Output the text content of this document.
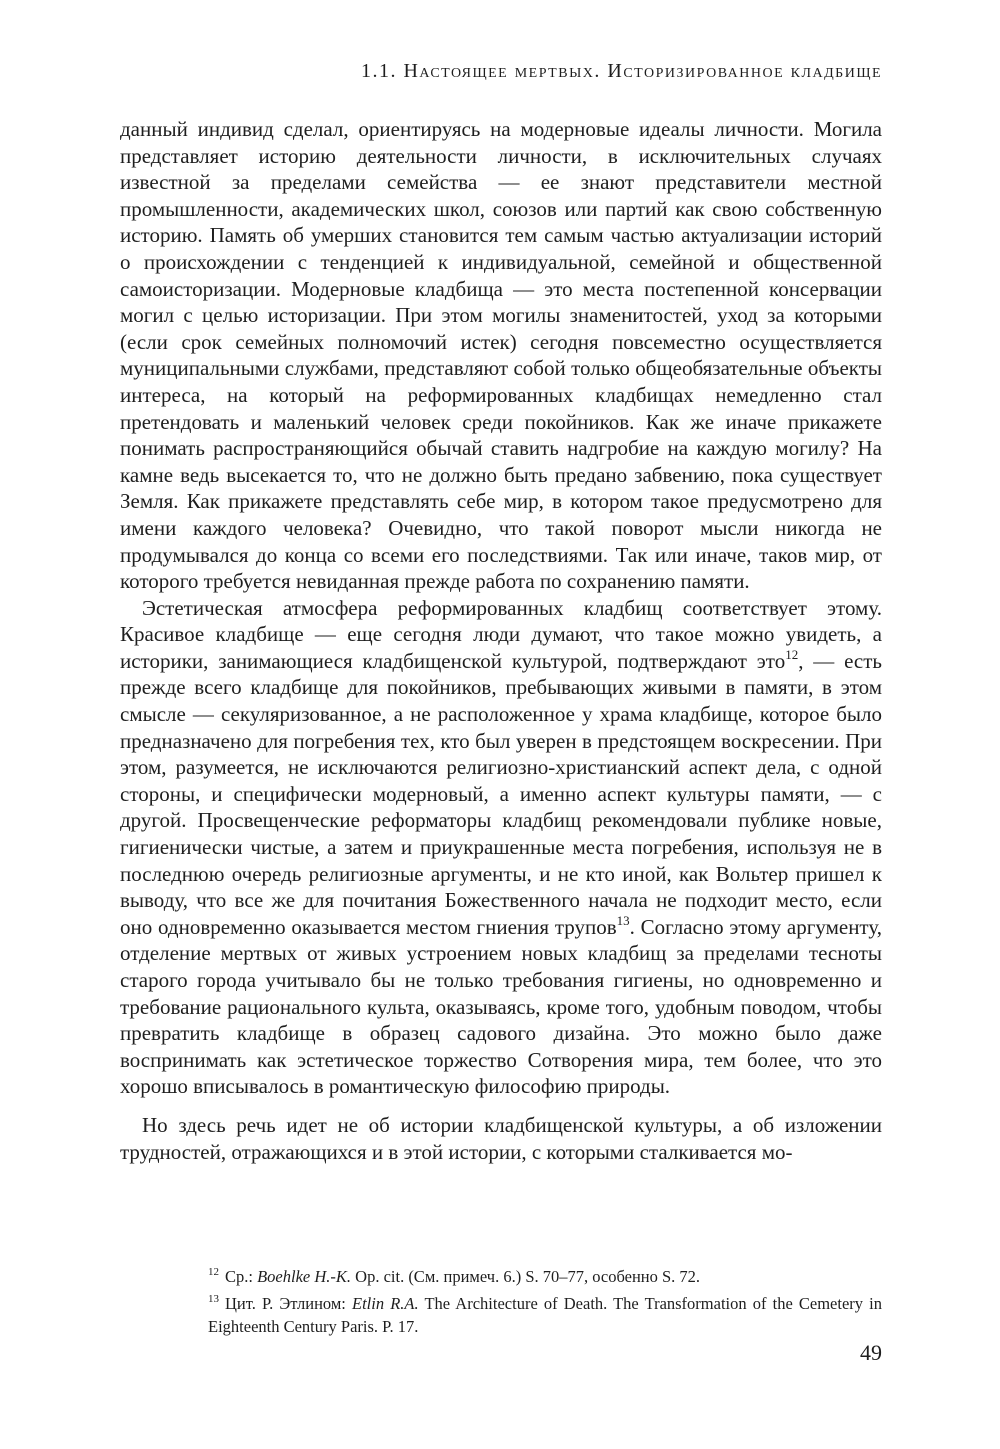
1.1. Настоящее мертвых. Историзированное кладбище

данный индивид сделал, ориентируясь на модерновые идеалы личности. Могила представляет историю деятельности личности, в исключительных случаях известной за пределами семейства — ее знают представители местной промышленности, академических школ, союзов или партий как свою собственную историю. Память об умерших становится тем самым частью актуализации историй о происхождении с тенденцией к индивидуальной, семейной и общественной самоисторизации. Модерновые кладбища — это места постепенной консервации могил с целью историзации. При этом могилы знаменитостей, уход за которыми (если срок семейных полномочий истек) сегодня повсеместно осуществляется муниципальными службами, представляют собой только общеобязательные объекты интереса, на который на реформированных кладбищах немедленно стал претендовать и маленький человек среди покойников. Как же иначе прикажете понимать распространяющийся обычай ставить надгробие на каждую могилу? На камне ведь высекается то, что не должно быть предано забвению, пока существует Земля. Как прикажете представлять себе мир, в котором такое предусмотрено для имени каждого человека? Очевидно, что такой поворот мысли никогда не продумывался до конца со всеми его последствиями. Так или иначе, таков мир, от которого требуется невиданная прежде работа по сохранению памяти.

Эстетическая атмосфера реформированных кладбищ соответствует этому. Красивое кладбище — еще сегодня люди думают, что такое можно увидеть, а историки, занимающиеся кладбищенской культурой, подтверждают это$^{12}$, — есть прежде всего кладбище для покойников, пребывающих живыми в памяти, в этом смысле — секуляризованное, а не расположенное у храма кладбище, которое было предназначено для погребения тех, кто был уверен в предстоящем воскресении. При этом, разумеется, не исключаются религиозно-христианский аспект дела, с одной стороны, и специфически модерновый, а именно аспект культуры памяти, — с другой. Просвещенческие реформаторы кладбищ рекомендовали публике новые, гигиенически чистые, а затем и приукрашенные места погребения, используя не в последнюю очередь религиозные аргументы, и не кто иной, как Вольтер пришел к выводу, что все же для почитания Божественного начала не подходит место, если оно одновременно оказывается местом гниения трупов$^{13}$. Согласно этому аргументу, отделение мертвых от живых устроением новых кладбищ за пределами тесноты старого города учитывало бы не только требования гигиены, но одновременно и требование рационального культа, оказываясь, кроме того, удобным поводом, чтобы превратить кладбище в образец садового дизайна. Это можно было даже воспринимать как эстетическое торжество Сотворения мира, тем более, что это хорошо вписывалось в романтическую философию природы.

Но здесь речь идет не об истории кладбищенской культуры, а об изложении трудностей, отражающихся и в этой истории, с которыми сталкивается мо-

$^{12}$ Ср.: Boehlke H.-K. Op. cit. (См. примеч. 6.) S. 70–77, особенно S. 72.

$^{13}$ Цит. Р. Этлином: Etlin R.A. The Architecture of Death. The Transformation of the Cemetery in Eighteenth Century Paris. P. 17.

49
